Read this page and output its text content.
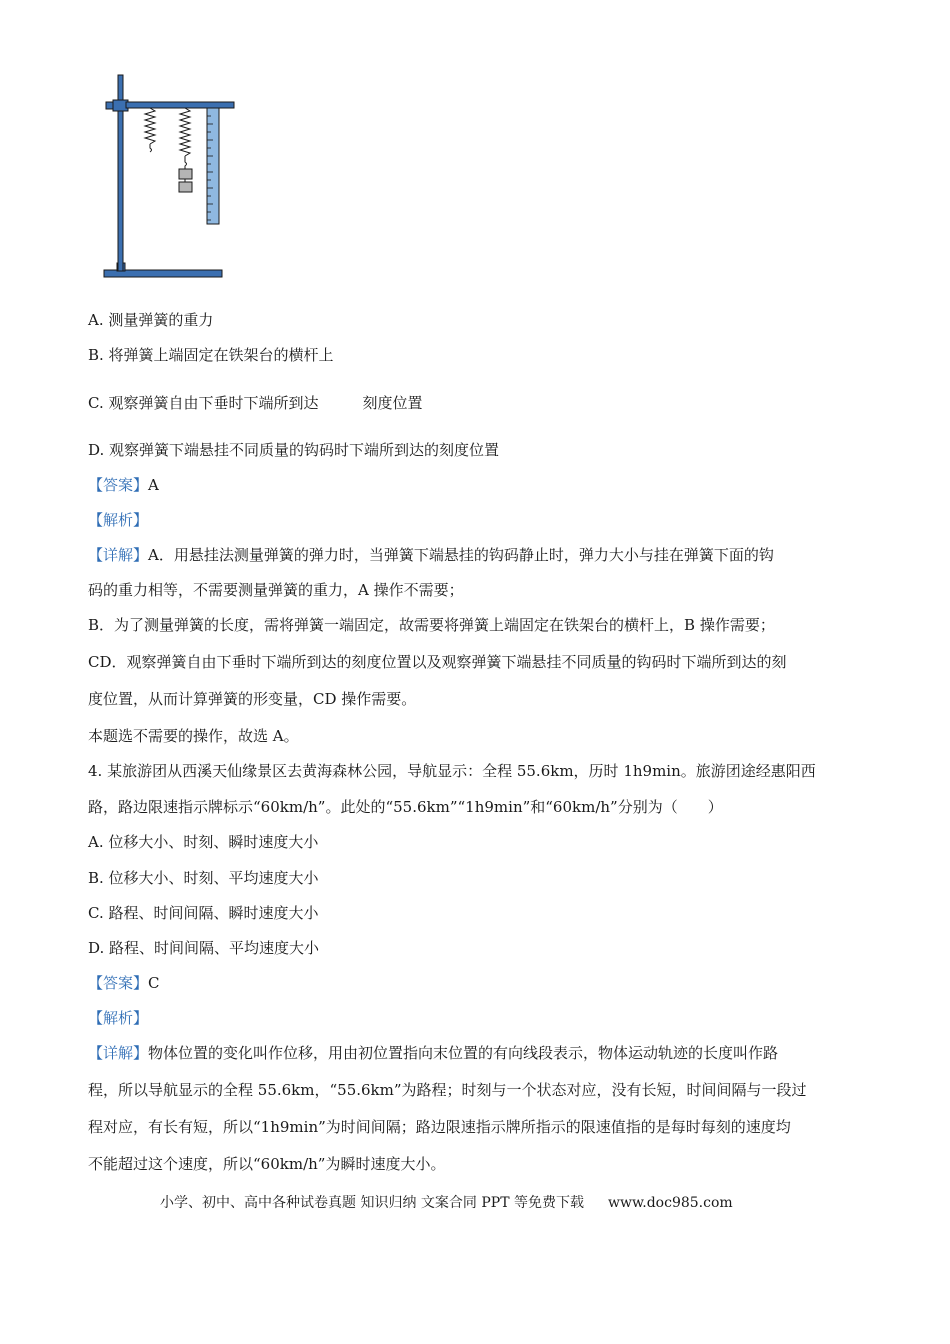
A. 测量弹簧的重力
B. 将弹簧上端固定在铁架台的横杆上
C. 观察弹簧自由下垂时下端所到达	刻度位置
D. 观察弹簧下端悬挂不同质量的钩码时下端所到达的刻度位置
【答案】A
【解析】
【详解】A．用悬挂法测量弹簧的弹力时，当弹簧下端悬挂的钩码静止时，弹力大小与挂在弹簧下面的钩
码的重力相等，不需要测量弹簧的重力，A 操作不需要；
B．为了测量弹簧的长度，需将弹簧一端固定，故需要将弹簧上端固定在铁架台的横杆上，B 操作需要；
CD．观察弹簧自由下垂时下端所到达的刻度位置以及观察弹簧下端悬挂不同质量的钩码时下端所到达的刻
度位置，从而计算弹簧的形变量，CD 操作需要。
本题选不需要的操作，故选 A。
4. 某旅游团从西溪天仙缘景区去黄海森林公园，导航显示：全程 55.6km，历时 1h9min。旅游团途经惠阳西
路，路边限速指示牌标示“60km/h”。此处的“55.6km”“1h9min”和“60km/h”分别为（　　）
A. 位移大小、时刻、瞬时速度大小
B. 位移大小、时刻、平均速度大小
C. 路程、时间间隔、瞬时速度大小
D. 路程、时间间隔、平均速度大小
【答案】C
【解析】
【详解】物体位置的变化叫作位移，用由初位置指向末位置的有向线段表示，物体运动轨迹的长度叫作路
程，所以导航显示的全程 55.6km，“55.6km”为路程；时刻与一个状态对应，没有长短，时间间隔与一段过
程对应，有长有短，所以“1h9min”为时间间隔；路边限速指示牌所指示的限速值指的是每时每刻的速度均
不能超过这个速度，所以“60km/h”为瞬时速度大小。
小学、初中、高中各种试卷真题 知识归纳 文案合同 PPT 等免费下载 www.doc985.com
